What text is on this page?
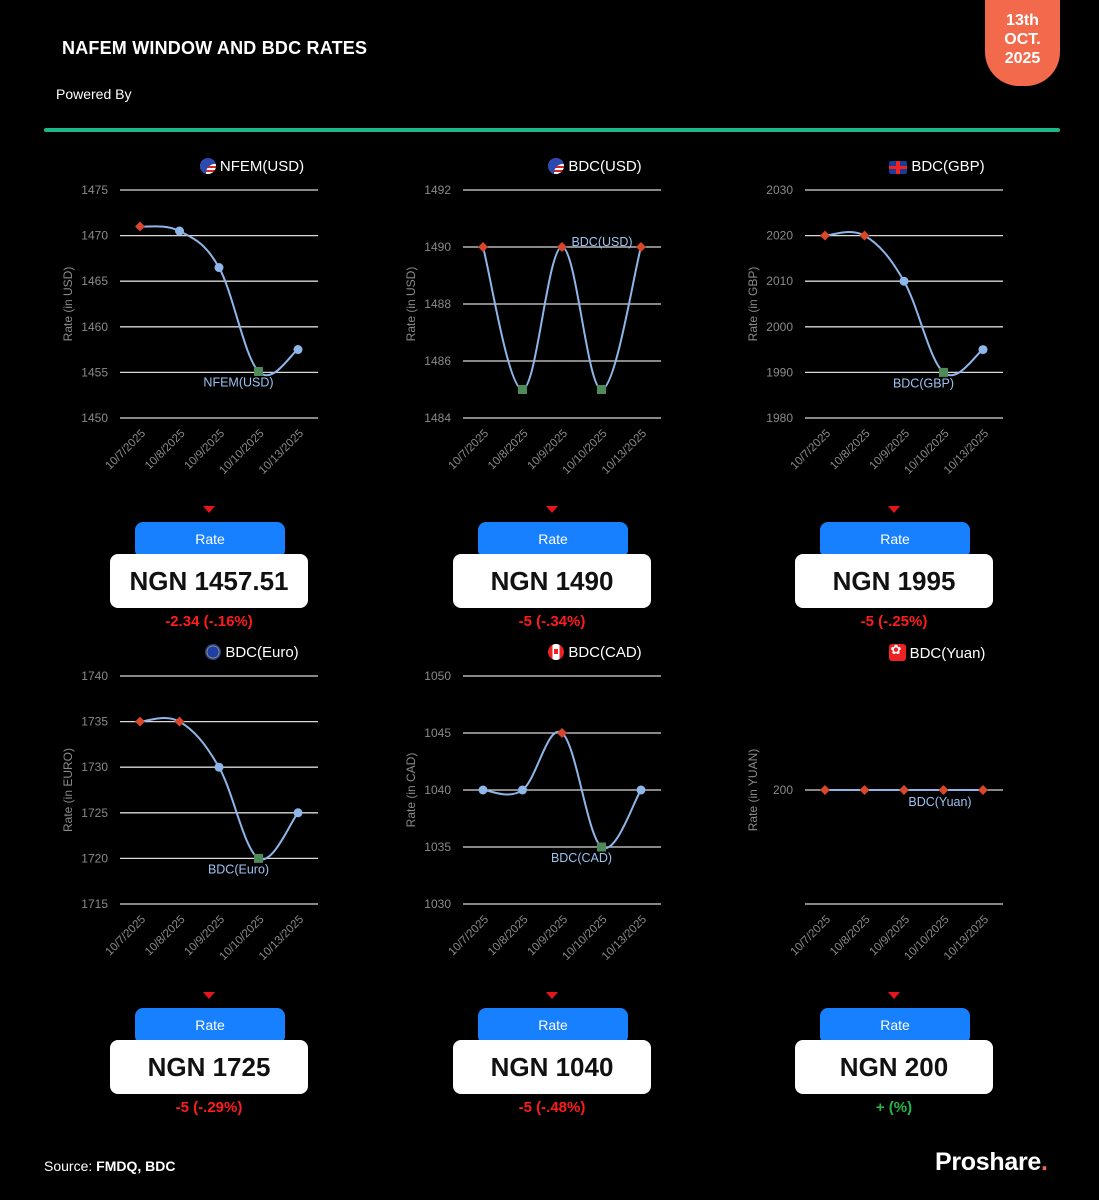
NAFEM WINDOW AND BDC RATES
Powered By
13th
OCT.
2025
NFEM(USD)
1450
1455
1460
1465
1470
1475
Rate (in USD)
10/7/2025
10/8/2025
10/9/2025
10/10/2025
10/13/2025
NFEM(USD)
Rate
NGN 1457.51
-2.34 (-.16%)
BDC(USD)
1484
1486
1488
1490
1492
Rate (in USD)
10/7/2025
10/8/2025
10/9/2025
10/10/2025
10/13/2025
BDC(USD)
Rate
NGN 1490
-5 (-.34%)
BDC(GBP)
1980
1990
2000
2010
2020
2030
Rate (in GBP)
10/7/2025
10/8/2025
10/9/2025
10/10/2025
10/13/2025
BDC(GBP)
Rate
NGN 1995
-5 (-.25%)
BDC(Euro)
1715
1720
1725
1730
1735
1740
Rate (in EURO)
10/7/2025
10/8/2025
10/9/2025
10/10/2025
10/13/2025
BDC(Euro)
Rate
NGN 1725
-5 (-.29%)
BDC(CAD)
1030
1035
1040
1045
1050
Rate (in CAD)
10/7/2025
10/8/2025
10/9/2025
10/10/2025
10/13/2025
BDC(CAD)
Rate
NGN 1040
-5 (-.48%)
✿BDC(Yuan)
200
Rate (in YUAN)
10/7/2025
10/8/2025
10/9/2025
10/10/2025
10/13/2025
BDC(Yuan)
Rate
NGN 200
+ (%)
Source: FMDQ, BDC	Proshare.
